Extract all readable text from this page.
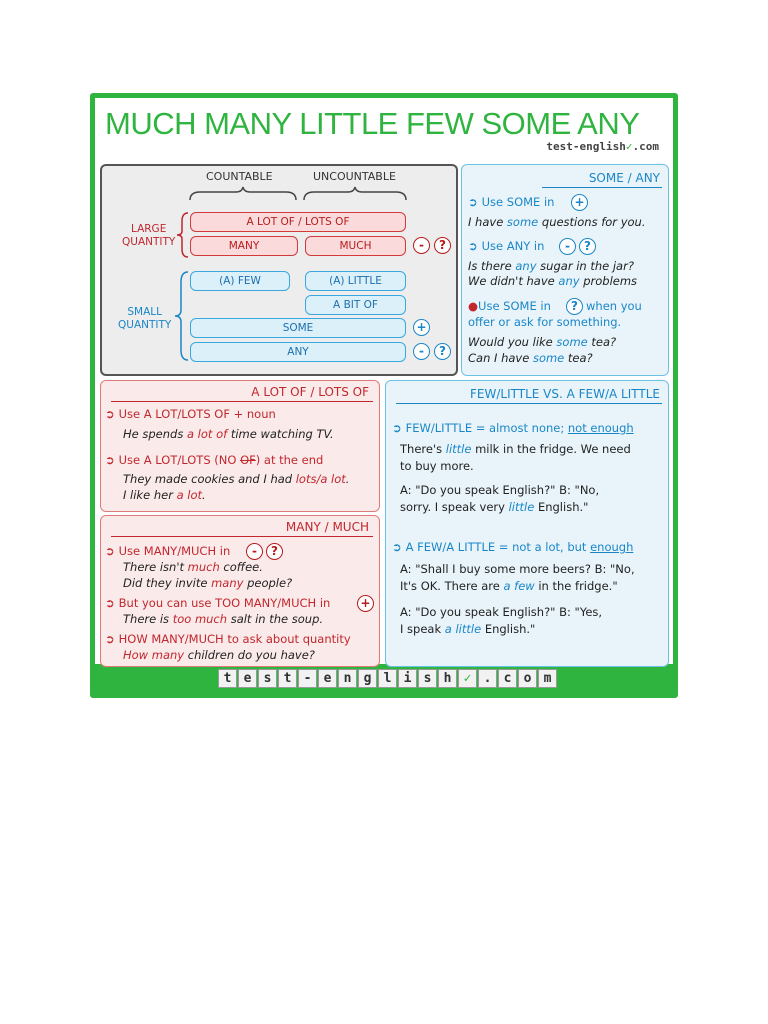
MUCH MANY LITTLE FEW SOME ANY
test-english✓.com
COUNTABLE	UNCOUNTABLE
LARGE
QUANTITY
A LOT OF / LOTS OF
MANY	MUCH	-	?
SMALL
QUANTITY
(A) FEW	(A) LITTLE
A BIT OF
SOME	+
ANY	-	?
SOME / ANY
➲ Use SOME in +
I have some questions for you.
➲ Use ANY in	-	?
Is there any sugar in the jar?
We didn't have any problems
●Use SOME in	? when you
offer or ask for something.
Would you like some tea?
Can I have some tea?
A LOT OF / LOTS OF
➲ Use A LOT/LOTS OF + noun
He spends a lot of time watching TV.
➲ Use A LOT/LOTS (NO OF) at the end
They made cookies and I had lots/a lot.
I like her a lot.
MANY / MUCH
➲ Use MANY/MUCH in	-	?
There isn't much coffee.
Did they invite many people?
➲ But you can use TOO MANY/MUCH in	+
There is too much salt in the soup.
➲ HOW MANY/MUCH to ask about quantity
How many children do you have?
FEW/LITTLE VS. A FEW/A LITTLE
➲ FEW/LITTLE = almost none; not enough
There's little milk in the fridge. We need
to buy more.
A: "Do you speak English?" B: "No,
sorry. I speak very little English."
➲ A FEW/A LITTLE = not a lot, but enough
A: "Shall I buy some more beers? B: "No,
It's OK. There are a few in the fridge."
A: "Do you speak English?" B: "Yes,
I speak a little English."
t e s t - e n g l i s h ✓ . c o m
